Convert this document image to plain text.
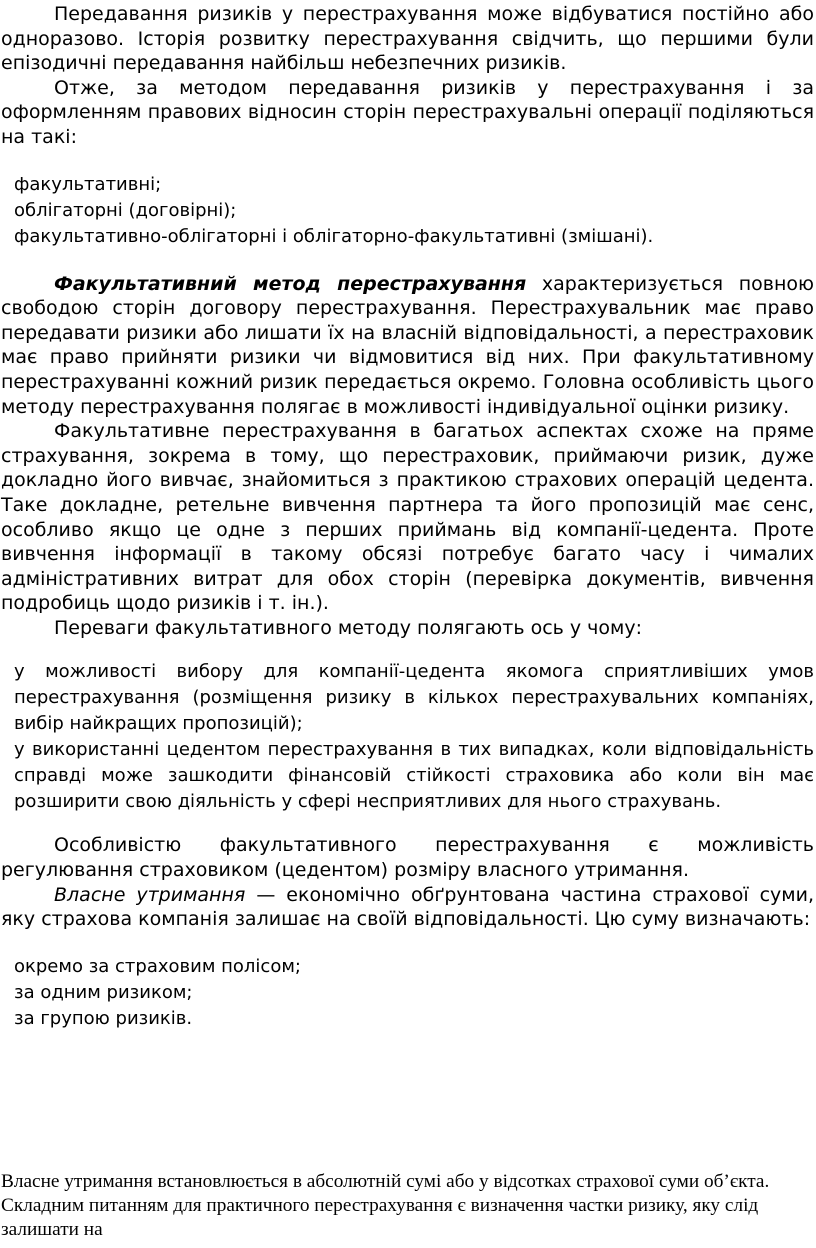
Передавання ризиків у перестрахування може відбуватися постійно або одноразово. Історія розвитку перестрахування свідчить, що першими були епізодичні передавання найбільш небезпечних ризиків.

Отже, за методом передавання ризиків у перестрахування і за оформленням правових відносин сторін перестрахувальні операції поділяються на такі:

факультативні;
облігаторні (договірні);
факультативно-облігаторні і облігаторно-факультативні (змішані).

Факультативний метод перестрахування характеризується повною свободою сторін договору перестрахування. Перестрахувальник має право передавати ризики або лишати їх на власній відповідальності, а перестраховик має право прийняти ризики чи відмовитися від них. При факультативному перестрахуванні кожний ризик передається окремо. Головна особливість цього методу перестрахування полягає в можливості індивідуальної оцінки ризику.

Факультативне перестрахування в багатьох аспектах схоже на пряме страхування, зокрема в тому, що перестраховик, приймаючи ризик, дуже докладно його вивчає, знайомиться з практикою страхових операцій цедента. Таке докладне, ретельне вивчення партнера та його пропозицій має сенс, особливо якщо це одне з перших приймань від компанії-цедента. Проте вивчення інформації в такому обсязі потребує багато часу і чималих адміністративних витрат для обох сторін (перевірка документів, вивчення подробиць щодо ризиків і т. ін.).

Переваги факультативного методу полягають ось у чому:

у можливості вибору для компанії-цедента якомога сприятливіших умов перестрахування (розміщення ризику в кількох перестрахувальних компаніях, вибір найкращих пропозицій);
у використанні цедентом перестрахування в тих випадках, коли відповідальність справді може зашкодити фінансовій стійкості страховика або коли він має розширити свою діяльність у сфері несприятливих для нього страхувань.

Особливістю факультативного перестрахування є можливість регулювання страховиком (цедентом) розміру власного утримання.

Власне утримання — економічно обґрунтована частина страхової суми, яку страхова компанія залишає на своїй відповідальності. Цю суму визначають:

окремо за страховим полісом;
за одним ризиком;
за групою ризиків.
Власне утримання встановлюється в абсолютній сумі або у відсотках страхової суми об’єкта. Складним питанням для практичного перестрахування є визначення частки ризику, яку слід залишати на
